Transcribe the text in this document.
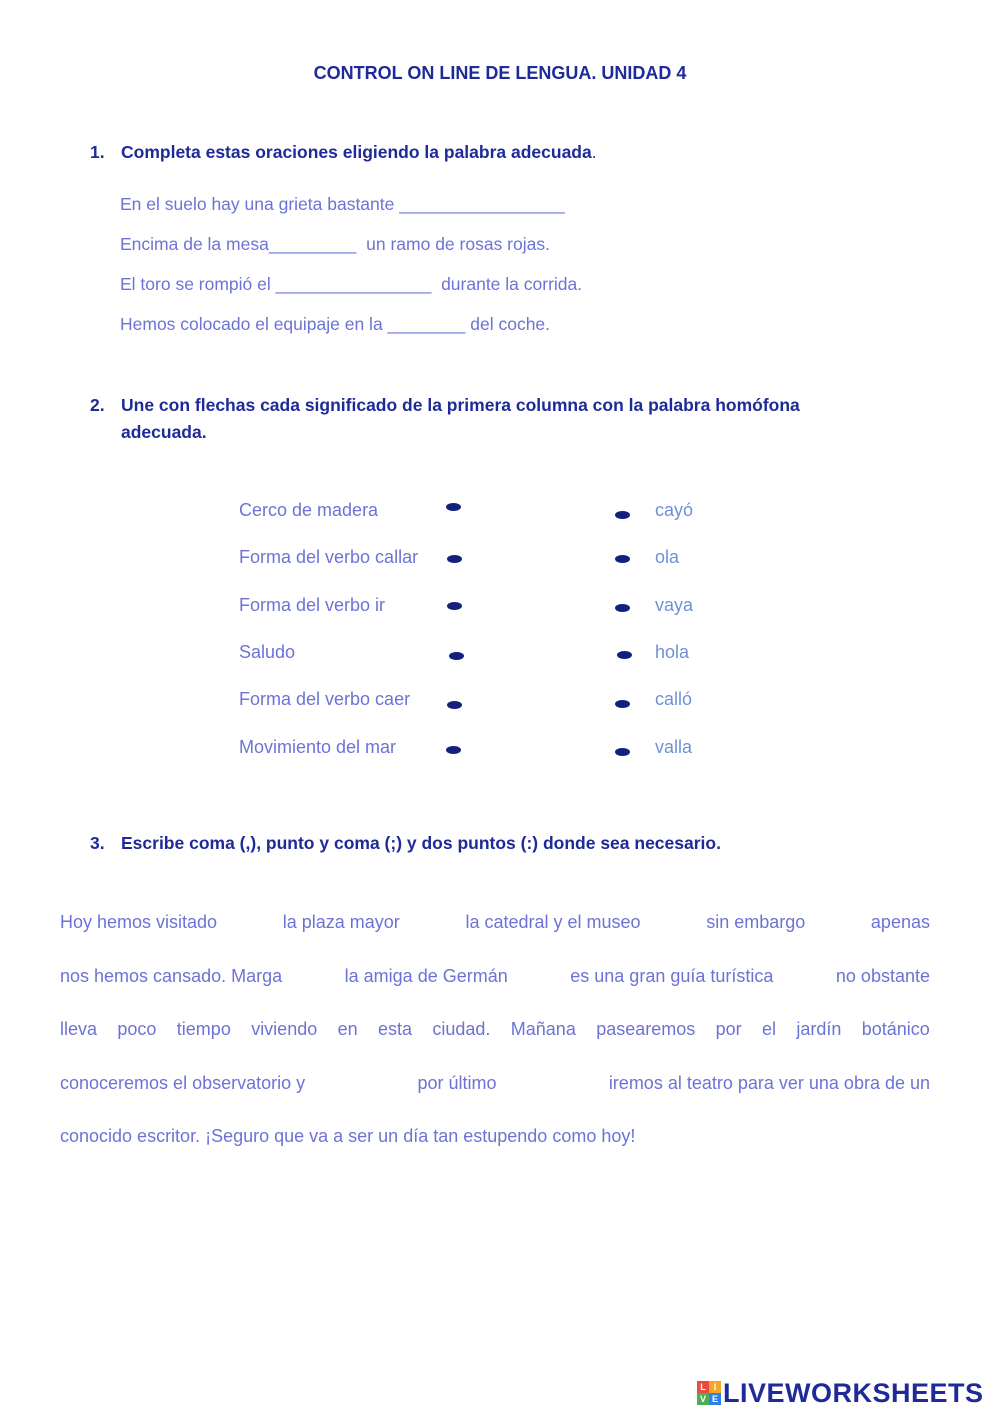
CONTROL ON LINE DE LENGUA. UNIDAD 4
1. Completa estas oraciones eligiendo la palabra adecuada.
En el suelo hay una grieta bastante _________________
Encima de la mesa_________  un ramo de rosas rojas.
El toro se rompió el ________________  durante la corrida.
Hemos colocado el equipaje en la ________ del coche.
2. Une con flechas cada significado de la primera columna con la palabra homófona adecuada.
Cerco de madera
Forma del verbo callar
Forma del verbo ir
Saludo
Forma del verbo caer
Movimiento del mar
cayó
ola
vaya
hola
calló
valla
3. Escribe coma (,), punto y coma (;) y dos puntos (:) donde sea necesario.
Hoy hemos visitado	la plaza mayor	la catedral y el museo	sin embargo	apenas
nos hemos cansado. Marga	la amiga de Germán	es una gran guía turística	no obstante
lleva poco tiempo viviendo en esta ciudad. Mañana pasearemos por el jardín botánico
conoceremos el observatorio y	por último	iremos al teatro para ver una obra de un
conocido escritor. ¡Seguro que va a ser un día tan estupendo como hoy!
L I
V E LIVEWORKSHEETS
